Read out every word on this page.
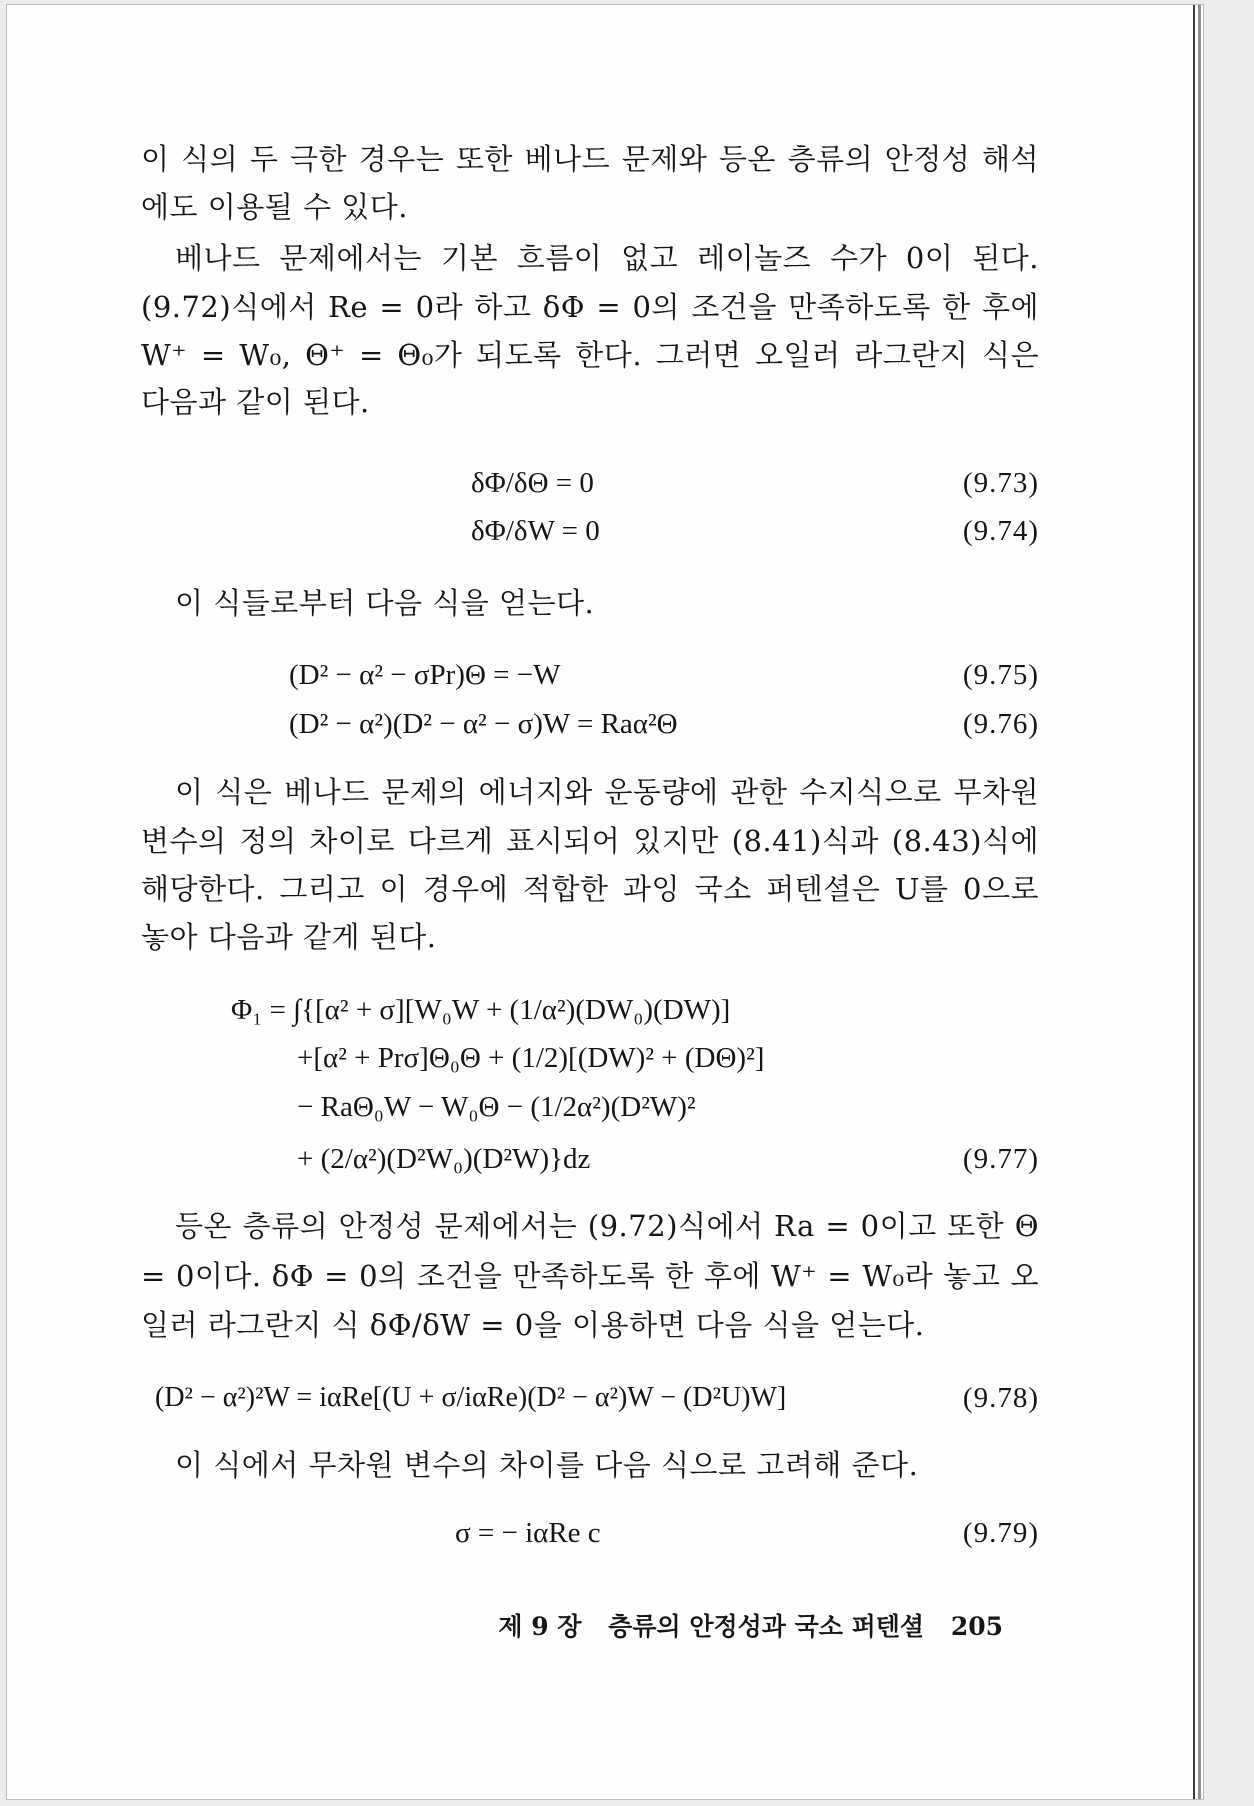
이 식의 두 극한 경우는 또한 베나드 문제와 등온 층류의 안정성 해석
에도 이용될 수 있다.
베나드 문제에서는 기본 흐름이 없고 레이놀즈 수가 0이 된다.
(9.72)식에서 Re = 0라 하고 δΦ = 0의 조건을 만족하도록 한 후에
W⁺ = W₀, Θ⁺ = Θ₀가 되도록 한다. 그러면 오일러 라그란지 식은
다음과 같이 된다.
δΦ/δΘ = 0	(9.73)
δΦ/δW = 0	(9.74)
이 식들로부터 다음 식을 얻는다.
(D² − α² − σPr)Θ = −W	(9.75)
(D² − α²)(D² − α² − σ)W = Raα²Θ	(9.76)
이 식은 베나드 문제의 에너지와 운동량에 관한 수지식으로 무차원
변수의 정의 차이로 다르게 표시되어 있지만 (8.41)식과 (8.43)식에
해당한다. 그리고 이 경우에 적합한 과잉 국소 퍼텐셜은 U를 0으로
놓아 다음과 같게 된다.
Φ₁ = ∫{[α² + σ][W₀W + (1/α²)(DW₀)(DW)]
+[α² + Prσ]Θ₀Θ + (1/2)[(DW)² + (DΘ)²]
− RaΘ₀W − W₀Θ − (1/2α²)(D²W)²
+ (2/α²)(D²W₀)(D²W)}dz	(9.77)
등온 층류의 안정성 문제에서는 (9.72)식에서 Ra = 0이고 또한 Θ
= 0이다. δΦ = 0의 조건을 만족하도록 한 후에 W⁺ = W₀라 놓고 오
일러 라그란지 식 δΦ/δW = 0을 이용하면 다음 식을 얻는다.
(D² − α²)²W = iαRe[(U + σ/iαRe)(D² − α²)W − (D²U)W]	(9.78)
이 식에서 무차원 변수의 차이를 다음 식으로 고려해 준다.
σ = − iαRe c	(9.79)
제 9 장 층류의 안정성과 국소 퍼텐셜 205
